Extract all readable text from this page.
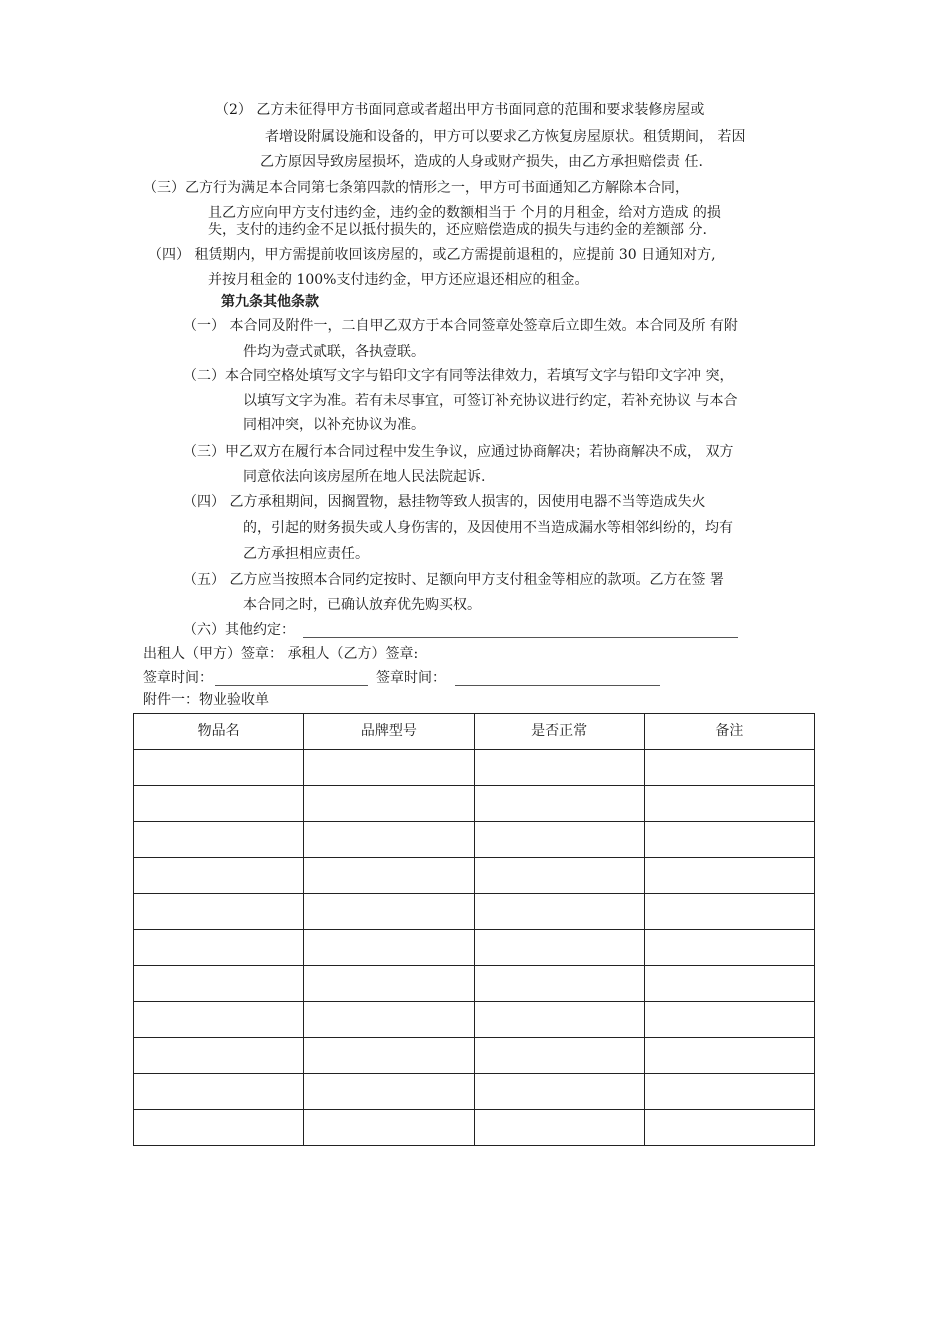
（2） 乙方未征得甲方书面同意或者超出甲方书面同意的范围和要求装修房屋或
者增设附属设施和设备的，甲方可以要求乙方恢复房屋原状。租赁期间， 若因
乙方原因导致房屋损坏，造成的人身或财产损失，由乙方承担赔偿责 任.
（三）乙方行为满足本合同第七条第四款的情形之一，甲方可书面通知乙方解除本合同，
且乙方应向甲方支付违约金，违约金的数额相当于 个月的月租金，给对方造成 的损
失，支付的违约金不足以抵付损失的，还应赔偿造成的损失与违约金的差额部 分.
（四） 租赁期内，甲方需提前收回该房屋的，或乙方需提前退租的，应提前 30 日通知对方,
并按月租金的 100%支付违约金，甲方还应退还相应的租金。
第九条其他条款
（一） 本合同及附件一，二自甲乙双方于本合同签章处签章后立即生效。本合同及所 有附
件均为壹式贰联，各执壹联。
（二）本合同空格处填写文字与铅印文字有同等法律效力，若填写文字与铅印文字冲 突，
以填写文字为准。若有未尽事宜，可签订补充协议进行约定，若补充协议 与本合
同相冲突，以补充协议为准。
（三）甲乙双方在履行本合同过程中发生争议，应通过协商解决；若协商解决不成， 双方
同意依法向该房屋所在地人民法院起诉.
（四） 乙方承租期间，因搁置物，悬挂物等致人损害的，因使用电器不当等造成失火
的，引起的财务损失或人身伤害的，及因使用不当造成漏水等相邻纠纷的，均有
乙方承担相应责任。
（五） 乙方应当按照本合同约定按时、足额向甲方支付租金等相应的款项。乙方在签 署
本合同之时，已确认放弃优先购买权。
（六）其他约定：
出租人（甲方）签章： 承租人（乙方）签章:
签章时间：	签章时间：
附件一：物业验收单
物品名	品牌型号	是否正常	备注
